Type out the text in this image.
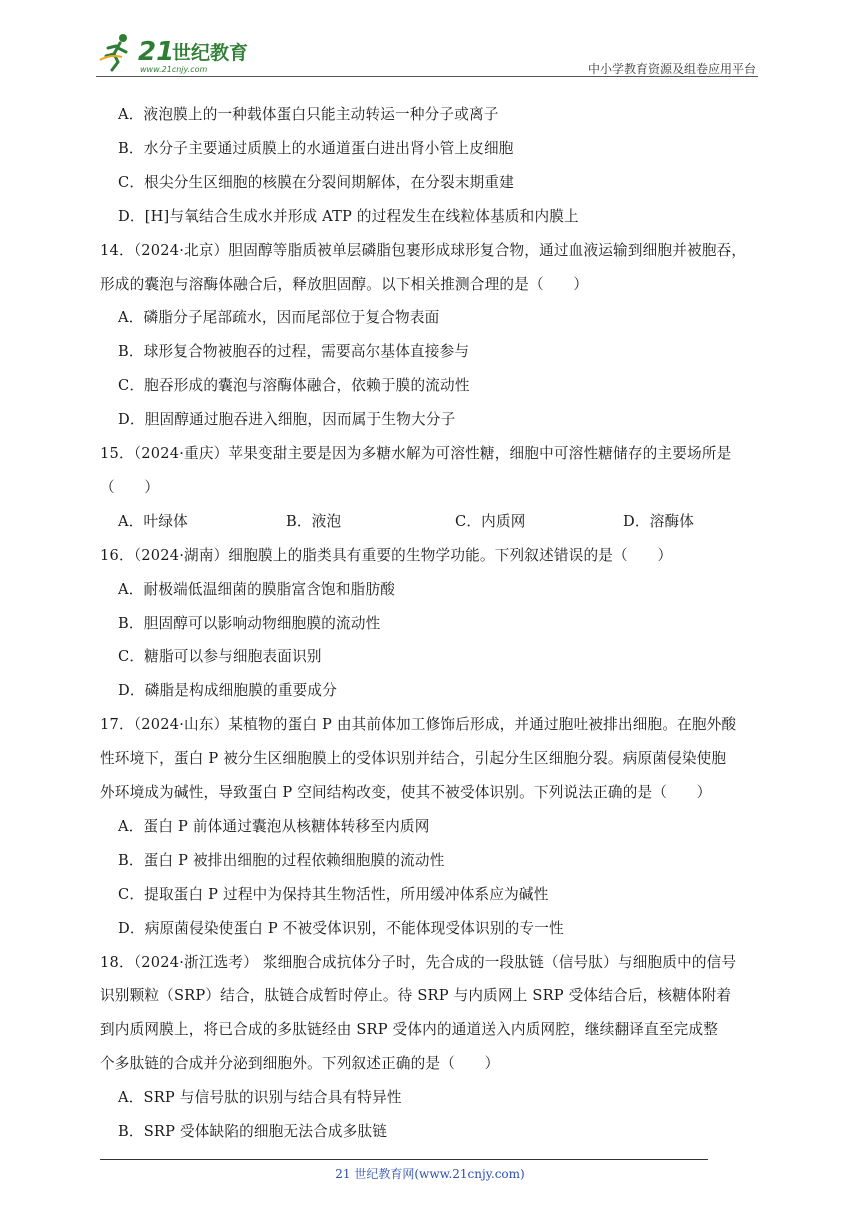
21
世纪教育
www.21cnjy.com	中小学教育资源及组卷应用平台
A．液泡膜上的一种载体蛋白只能主动转运一种分子或离子
B．水分子主要通过质膜上的水通道蛋白进出肾小管上皮细胞
C．根尖分生区细胞的核膜在分裂间期解体，在分裂末期重建
D．[H]与氧结合生成水并形成 ATP 的过程发生在线粒体基质和内膜上
14．（2024·北京）胆固醇等脂质被单层磷脂包裹形成球形复合物，通过血液运输到细胞并被胞吞，
形成的囊泡与溶酶体融合后，释放胆固醇。以下相关推测合理的是（　　）
A．磷脂分子尾部疏水，因而尾部位于复合物表面
B．球形复合物被胞吞的过程，需要高尔基体直接参与
C．胞吞形成的囊泡与溶酶体融合，依赖于膜的流动性
D．胆固醇通过胞吞进入细胞，因而属于生物大分子
15．（2024·重庆）苹果变甜主要是因为多糖水解为可溶性糖，细胞中可溶性糖储存的主要场所是
（　　）
A．叶绿体	B．液泡	C．内质网	D．溶酶体
16．（2024·湖南）细胞膜上的脂类具有重要的生物学功能。下列叙述错误的是（　　）
A．耐极端低温细菌的膜脂富含饱和脂肪酸
B．胆固醇可以影响动物细胞膜的流动性
C．糖脂可以参与细胞表面识别
D．磷脂是构成细胞膜的重要成分
17．（2024·山东）某植物的蛋白 P 由其前体加工修饰后形成，并通过胞吐被排出细胞。在胞外酸
性环境下，蛋白 P 被分生区细胞膜上的受体识别并结合，引起分生区细胞分裂。病原菌侵染使胞
外环境成为碱性，导致蛋白 P 空间结构改变，使其不被受体识别。下列说法正确的是（　　）
A．蛋白 P 前体通过囊泡从核糖体转移至内质网
B．蛋白 P 被排出细胞的过程依赖细胞膜的流动性
C．提取蛋白 P 过程中为保持其生物活性，所用缓冲体系应为碱性
D．病原菌侵染使蛋白 P 不被受体识别，不能体现受体识别的专一性
18．（2024·浙江选考） 浆细胞合成抗体分子时，先合成的一段肽链（信号肽）与细胞质中的信号
识别颗粒（SRP）结合，肽链合成暂时停止。待 SRP 与内质网上 SRP 受体结合后，核糖体附着
到内质网膜上，将已合成的多肽链经由 SRP 受体内的通道送入内质网腔，继续翻译直至完成整
个多肽链的合成并分泌到细胞外。下列叙述正确的是（　　）
A．SRP 与信号肽的识别与结合具有特异性
B．SRP 受体缺陷的细胞无法合成多肽链
21 世纪教育网(www.21cnjy.com)
